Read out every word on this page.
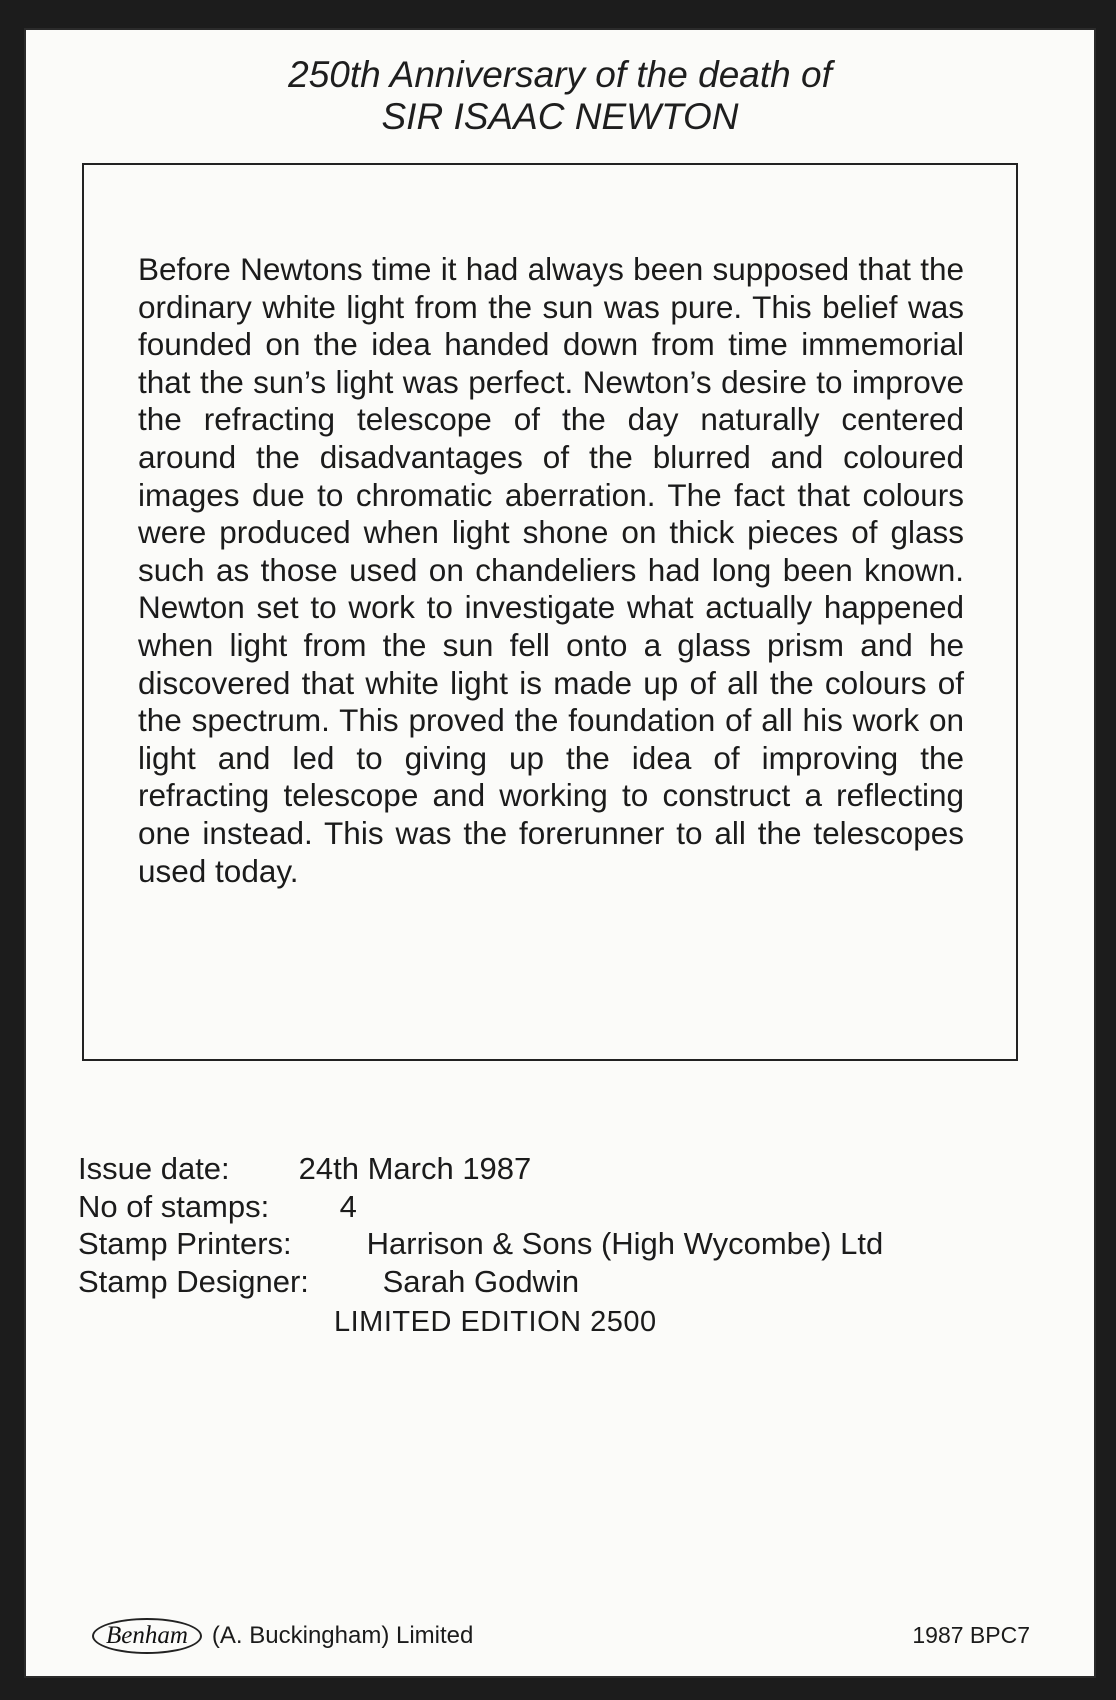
250th Anniversary of the death of
SIR ISAAC NEWTON
Before Newtons time it had always been supposed that the ordinary white light from the sun was pure. This belief was founded on the idea handed down from time immemorial that the sun’s light was perfect. Newton’s desire to improve the refracting telescope of the day naturally centered around the disadvantages of the blurred and coloured images due to chromatic aberration. The fact that colours were produced when light shone on thick pieces of glass such as those used on chandeliers had long been known. Newton set to work to investigate what actually happened when light from the sun fell onto a glass prism and he discovered that white light is made up of all the colours of the spectrum. This proved the foundation of all his work on light and led to giving up the idea of improving the refracting telescope and working to construct a reflecting one instead. This was the forerunner to all the telescopes used today.
Issue date: 24th March 1987
No of stamps: 4
Stamp Printers: Harrison & Sons (High Wycombe) Ltd
Stamp Designer: Sarah Godwin
LIMITED EDITION 2500
Benham	(A. Buckingham) Limited	1987 BPC7
